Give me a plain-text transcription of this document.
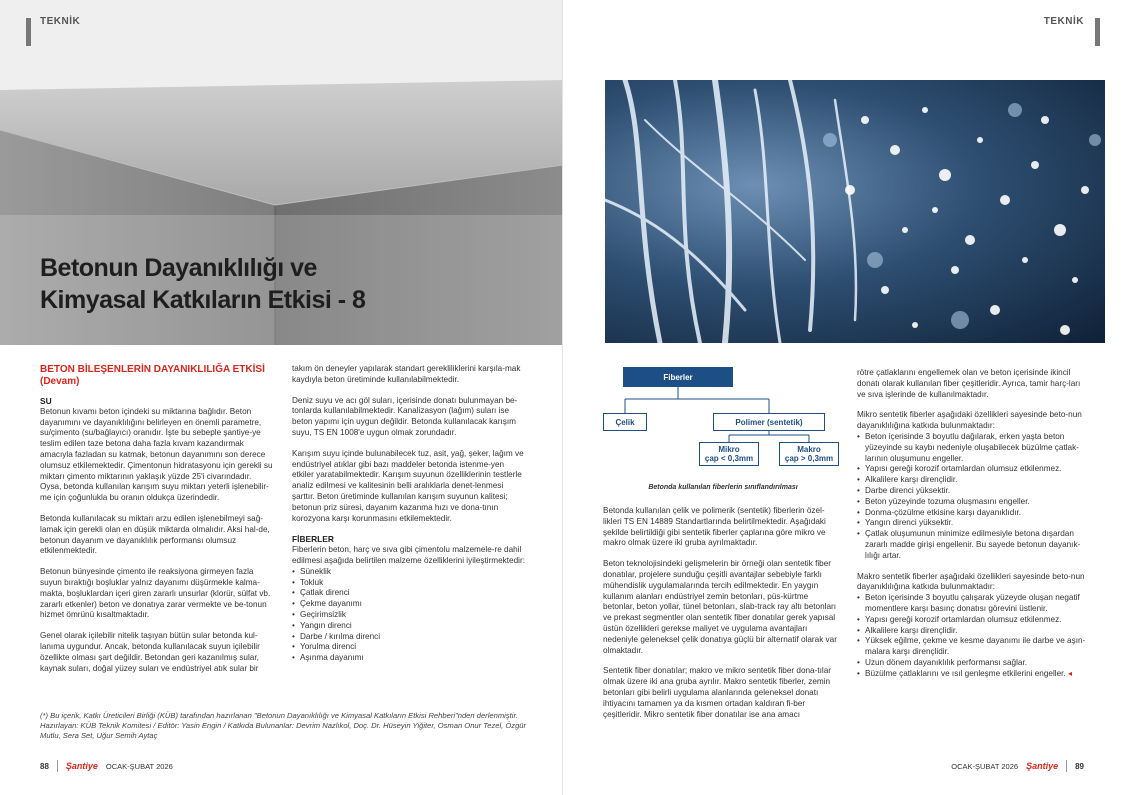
TEKNİK
Betonun Dayanıklılığı ve
Kimyasal Katkıların Etkisi - 8
BETON BİLEŞENLERİN DAYANIKLILIĞA ETKİSİ
(Devam)
SU

Betonun kıvamı beton içindeki su miktarına bağlıdır. Beton dayanımını ve dayanıklılığını belirleyen en önemli parametre, su/çimento (su/bağlayıcı) oranıdır. İşte bu sebeple şantiye-ye teslim edilen taze betona daha fazla kıvam kazandırmak amacıyla fazladan su katmak, betonun dayanımını son derece olumsuz etkilemektedir. Çimentonun hidratasyonu için gerekli su miktarı çimento miktarının yaklaşık yüzde 25'i civarındadır. Oysa, betonda kullanılan karışım suyu miktarı yeterli işlenebilir-me için çoğunlukla bu oranın oldukça üzerindedir.

Betonda kullanılacak su miktarı arzu edilen işlenebilmeyi sağ-lamak için gerekli olan en düşük miktarda olmalıdır. Aksi hal-de, betonun dayanım ve dayanıklılık performansı olumsuz etkilenmektedir.

Betonun bünyesinde çimento ile reaksiyona girmeyen fazla suyun bıraktığı boşluklar yalnız dayanımı düşürmekle kalma-makta, boşluklardan içeri giren zararlı unsurlar (klorür, sülfat vb. zararlı etkenler) beton ve donatıya zarar vermekte ve be-tonun hizmet ömrünü kısaltmaktadır.

Genel olarak içilebilir nitelik taşıyan bütün sular betonda kul-lanıma uygundur. Ancak, betonda kullanılacak suyun içilebilir özellikte olması şart değildir. Betondan geri kazanılmış sular, kaynak suları, doğal yüzey suları ve endüstriyel atık sular bir

takım ön deneyler yapılarak standart gerekliliklerini karşıla-mak kaydıyla beton üretiminde kullanılabilmektedir.

Deniz suyu ve acı göl suları, içerisinde donatı bulunmayan be-tonlarda kullanılabilmektedir. Kanalizasyon (lağım) suları ise beton yapımı için uygun değildir. Betonda kullanılacak karışım suyu, TS EN 1008'e uygun olmak zorundadır.

Karışım suyu içinde bulunabilecek tuz, asit, yağ, şeker, lağım ve endüstriyel atıklar gibi bazı maddeler betonda istenme-yen etkiler yaratabilmektedir. Karışım suyunun özelliklerinin testlerle analiz edilmesi ve kalitesinin belli aralıklarla denet-lenmesi şarttır. Beton üretiminde kullanılan karışım suyunun kalitesi; betonun priz süresi, dayanım kazanma hızı ve dona-tının korozyona karşı korunmasını etkilemektedir.

FİBERLER
Fiberlerin beton, harç ve sıva gibi çimentolu malzemele-re dahil edilmesi aşağıda belirtilen malzeme özelliklerini iyileştirmektedir:
• Süneklik
• Tokluk
• Çatlak direnci
• Çekme dayanımı
• Geçirimsizlik
• Yangın direnci
• Darbe / kırılma direnci
• Yorulma direnci
• Aşınma dayanımı
(*) Bu içerik, Katkı Üreticileri Birliği (KÜB) tarafından hazırlanan "Betonun Dayanıklılığı ve Kimyasal Katkıların Etkisi Rehberi"nden derlenmiştir. Hazırlayan: KÜB Teknik Komitesi / Editör: Yasin Engin / Katkıda Bulunanlar: Devrim Nazlıkol, Doç. Dr. Hüseyin Yiğiter, Osman Onur Tezel, Özgür Mutlu, Sera Set, Uğur Semih Aytaç
88 Şantiye OCAK-ŞUBAT 2026
TEKNİK
Fiberler
Çelik	Polimer (sentetik)
Mikro
çap < 0,3mm
Makro
çap > 0,3mm
Betonda kullanılan fiberlerin sınıflandırılması

Betonda kullanılan çelik ve polimerik (sentetik) fiberlerin özel-likleri TS EN 14889 Standartlarında belirtilmektedir. Aşağıdaki şekilde belirtildiği gibi sentetik fiberler çaplarına göre mikro ve makro olmak üzere iki gruba ayrılmaktadır.

Beton teknolojisindeki gelişmelerin bir örneği olan sentetik fiber donatılar, projelere sunduğu çeşitli avantajlar sebebiyle farklı mühendislik uygulamalarında tercih edilmektedir. En yaygın kullanım alanları endüstriyel zemin betonları, püs-kürtme betonlar, beton yollar, tünel betonları, slab-track ray altı betonları ve prekast segmentler olan sentetik fiber donatılar gerek yapısal üstün özellikleri gerekse maliyet ve uygulama avantajları nedeniyle geleneksel çelik donatıya güçlü bir alternatif olarak var olmaktadır.

Sentetik fiber donatılar; makro ve mikro sentetik fiber dona-tılar olmak üzere iki ana gruba ayrılır. Makro sentetik fiberler, zemin betonları gibi belirli uygulama alanlarında geleneksel donatı ihtiyacını tamamen ya da kısmen ortadan kaldıran fi-ber çeşitleridir. Mikro sentetik fiber donatılar ise ana amacı

rötre çatlaklarını engellemek olan ve beton içerisinde ikincil donatı olarak kullanılan fiber çeşitleridir. Ayrıca, tamir harç-ları ve sıva işlerinde de kullanılmaktadır.

Mikro sentetik fiberler aşağıdaki özellikleri sayesinde beto-nun dayanıklılığına katkıda bulunmaktadır:
• Beton içerisinde 3 boyutlu dağılarak, erken yaşta beton yüzeyinde su kaybı nedeniyle oluşabilecek büzülme çatlak-larının oluşumunu engeller.
• Yapısı gereği korozif ortamlardan olumsuz etkilenmez.
• Alkalilere karşı dirençlidir.
• Darbe direnci yüksektir.
• Beton yüzeyinde tozuma oluşmasını engeller.
• Donma-çözülme etkisine karşı dayanıklıdır.
• Yangın direnci yüksektir.
• Çatlak oluşumunun minimize edilmesiyle betona dışardan zararlı madde girişi engellenir. Bu sayede betonun dayanık-lılığı artar.
Makro sentetik fiberler aşağıdaki özellikleri sayesinde beto-nun dayanıklılığına katkıda bulunmaktadır:
• Beton içerisinde 3 boyutlu çalışarak yüzeyde oluşan negatif momentlere karşı basınç donatısı görevini üstlenir.
• Yapısı gereği korozif ortamlardan olumsuz etkilenmez.
• Alkalilere karşı dirençlidir.
• Yüksek eğilme, çekme ve kesme dayanımı ile darbe ve aşın-malara karşı dirençlidir.
• Uzun dönem dayanıklılık performansı sağlar.
• Büzülme çatlaklarını ve ısıl genleşme etkilerini engeller. ◂
OCAK-ŞUBAT 2026 Şantiye 89
